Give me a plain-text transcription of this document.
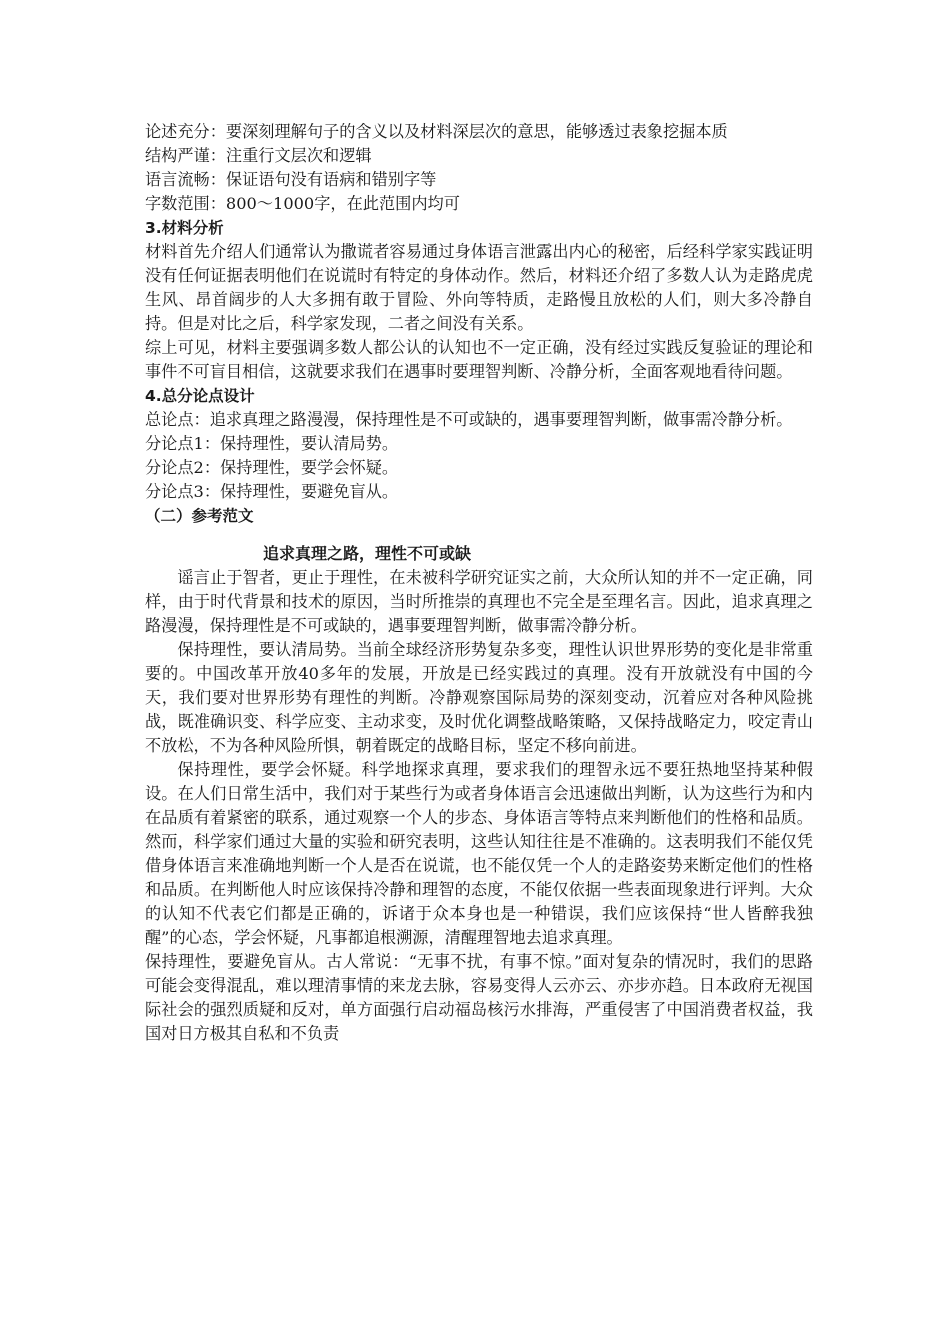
论述充分：要深刻理解句子的含义以及材料深层次的意思，能够透过表象挖掘本质

结构严谨：注重行文层次和逻辑

语言流畅：保证语句没有语病和错别字等

字数范围：800～1000字，在此范围内均可

3.材料分析

材料首先介绍人们通常认为撒谎者容易通过身体语言泄露出内心的秘密，后经科学家实践证明没有任何证据表明他们在说谎时有特定的身体动作。然后，材料还介绍了多数人认为走路虎虎生风、昂首阔步的人大多拥有敢于冒险、外向等特质，走路慢且放松的人们，则大多冷静自持。但是对比之后，科学家发现，二者之间没有关系。

综上可见，材料主要强调多数人都公认的认知也不一定正确，没有经过实践反复验证的理论和事件不可盲目相信，这就要求我们在遇事时要理智判断、冷静分析，全面客观地看待问题。

4.总分论点设计

总论点：追求真理之路漫漫，保持理性是不可或缺的，遇事要理智判断，做事需冷静分析。

分论点1：保持理性，要认清局势。

分论点2：保持理性，要学会怀疑。

分论点3：保持理性，要避免盲从。

（二）参考范文

追求真理之路，理性不可或缺

谣言止于智者，更止于理性，在未被科学研究证实之前，大众所认知的并不一定正确，同样，由于时代背景和技术的原因，当时所推崇的真理也不完全是至理名言。因此，追求真理之路漫漫，保持理性是不可或缺的，遇事要理智判断，做事需冷静分析。

保持理性，要认清局势。当前全球经济形势复杂多变，理性认识世界形势的变化是非常重要的。中国改革开放40多年的发展，开放是已经实践过的真理。没有开放就没有中国的今天，我们要对世界形势有理性的判断。冷静观察国际局势的深刻变动，沉着应对各种风险挑战，既准确识变、科学应变、主动求变，及时优化调整战略策略，又保持战略定力，咬定青山不放松，不为各种风险所惧，朝着既定的战略目标，坚定不移向前进。

保持理性，要学会怀疑。科学地探求真理，要求我们的理智永远不要狂热地坚持某种假设。在人们日常生活中，我们对于某些行为或者身体语言会迅速做出判断，认为这些行为和内在品质有着紧密的联系，通过观察一个人的步态、身体语言等特点来判断他们的性格和品质。然而，科学家们通过大量的实验和研究表明，这些认知往往是不准确的。这表明我们不能仅凭借身体语言来准确地判断一个人是否在说谎，也不能仅凭一个人的走路姿势来断定他们的性格和品质。在判断他人时应该保持冷静和理智的态度，不能仅依据一些表面现象进行评判。大众的认知不代表它们都是正确的，诉诸于众本身也是一种错误，我们应该保持“世人皆醉我独醒”的心态，学会怀疑，凡事都追根溯源，清醒理智地去追求真理。

保持理性，要避免盲从。古人常说：“无事不扰，有事不惊。”面对复杂的情况时，我们的思路可能会变得混乱，难以理清事情的来龙去脉，容易变得人云亦云、亦步亦趋。日本政府无视国际社会的强烈质疑和反对，单方面强行启动福岛核污水排海，严重侵害了中国消费者权益，我国对日方极其自私和不负责
